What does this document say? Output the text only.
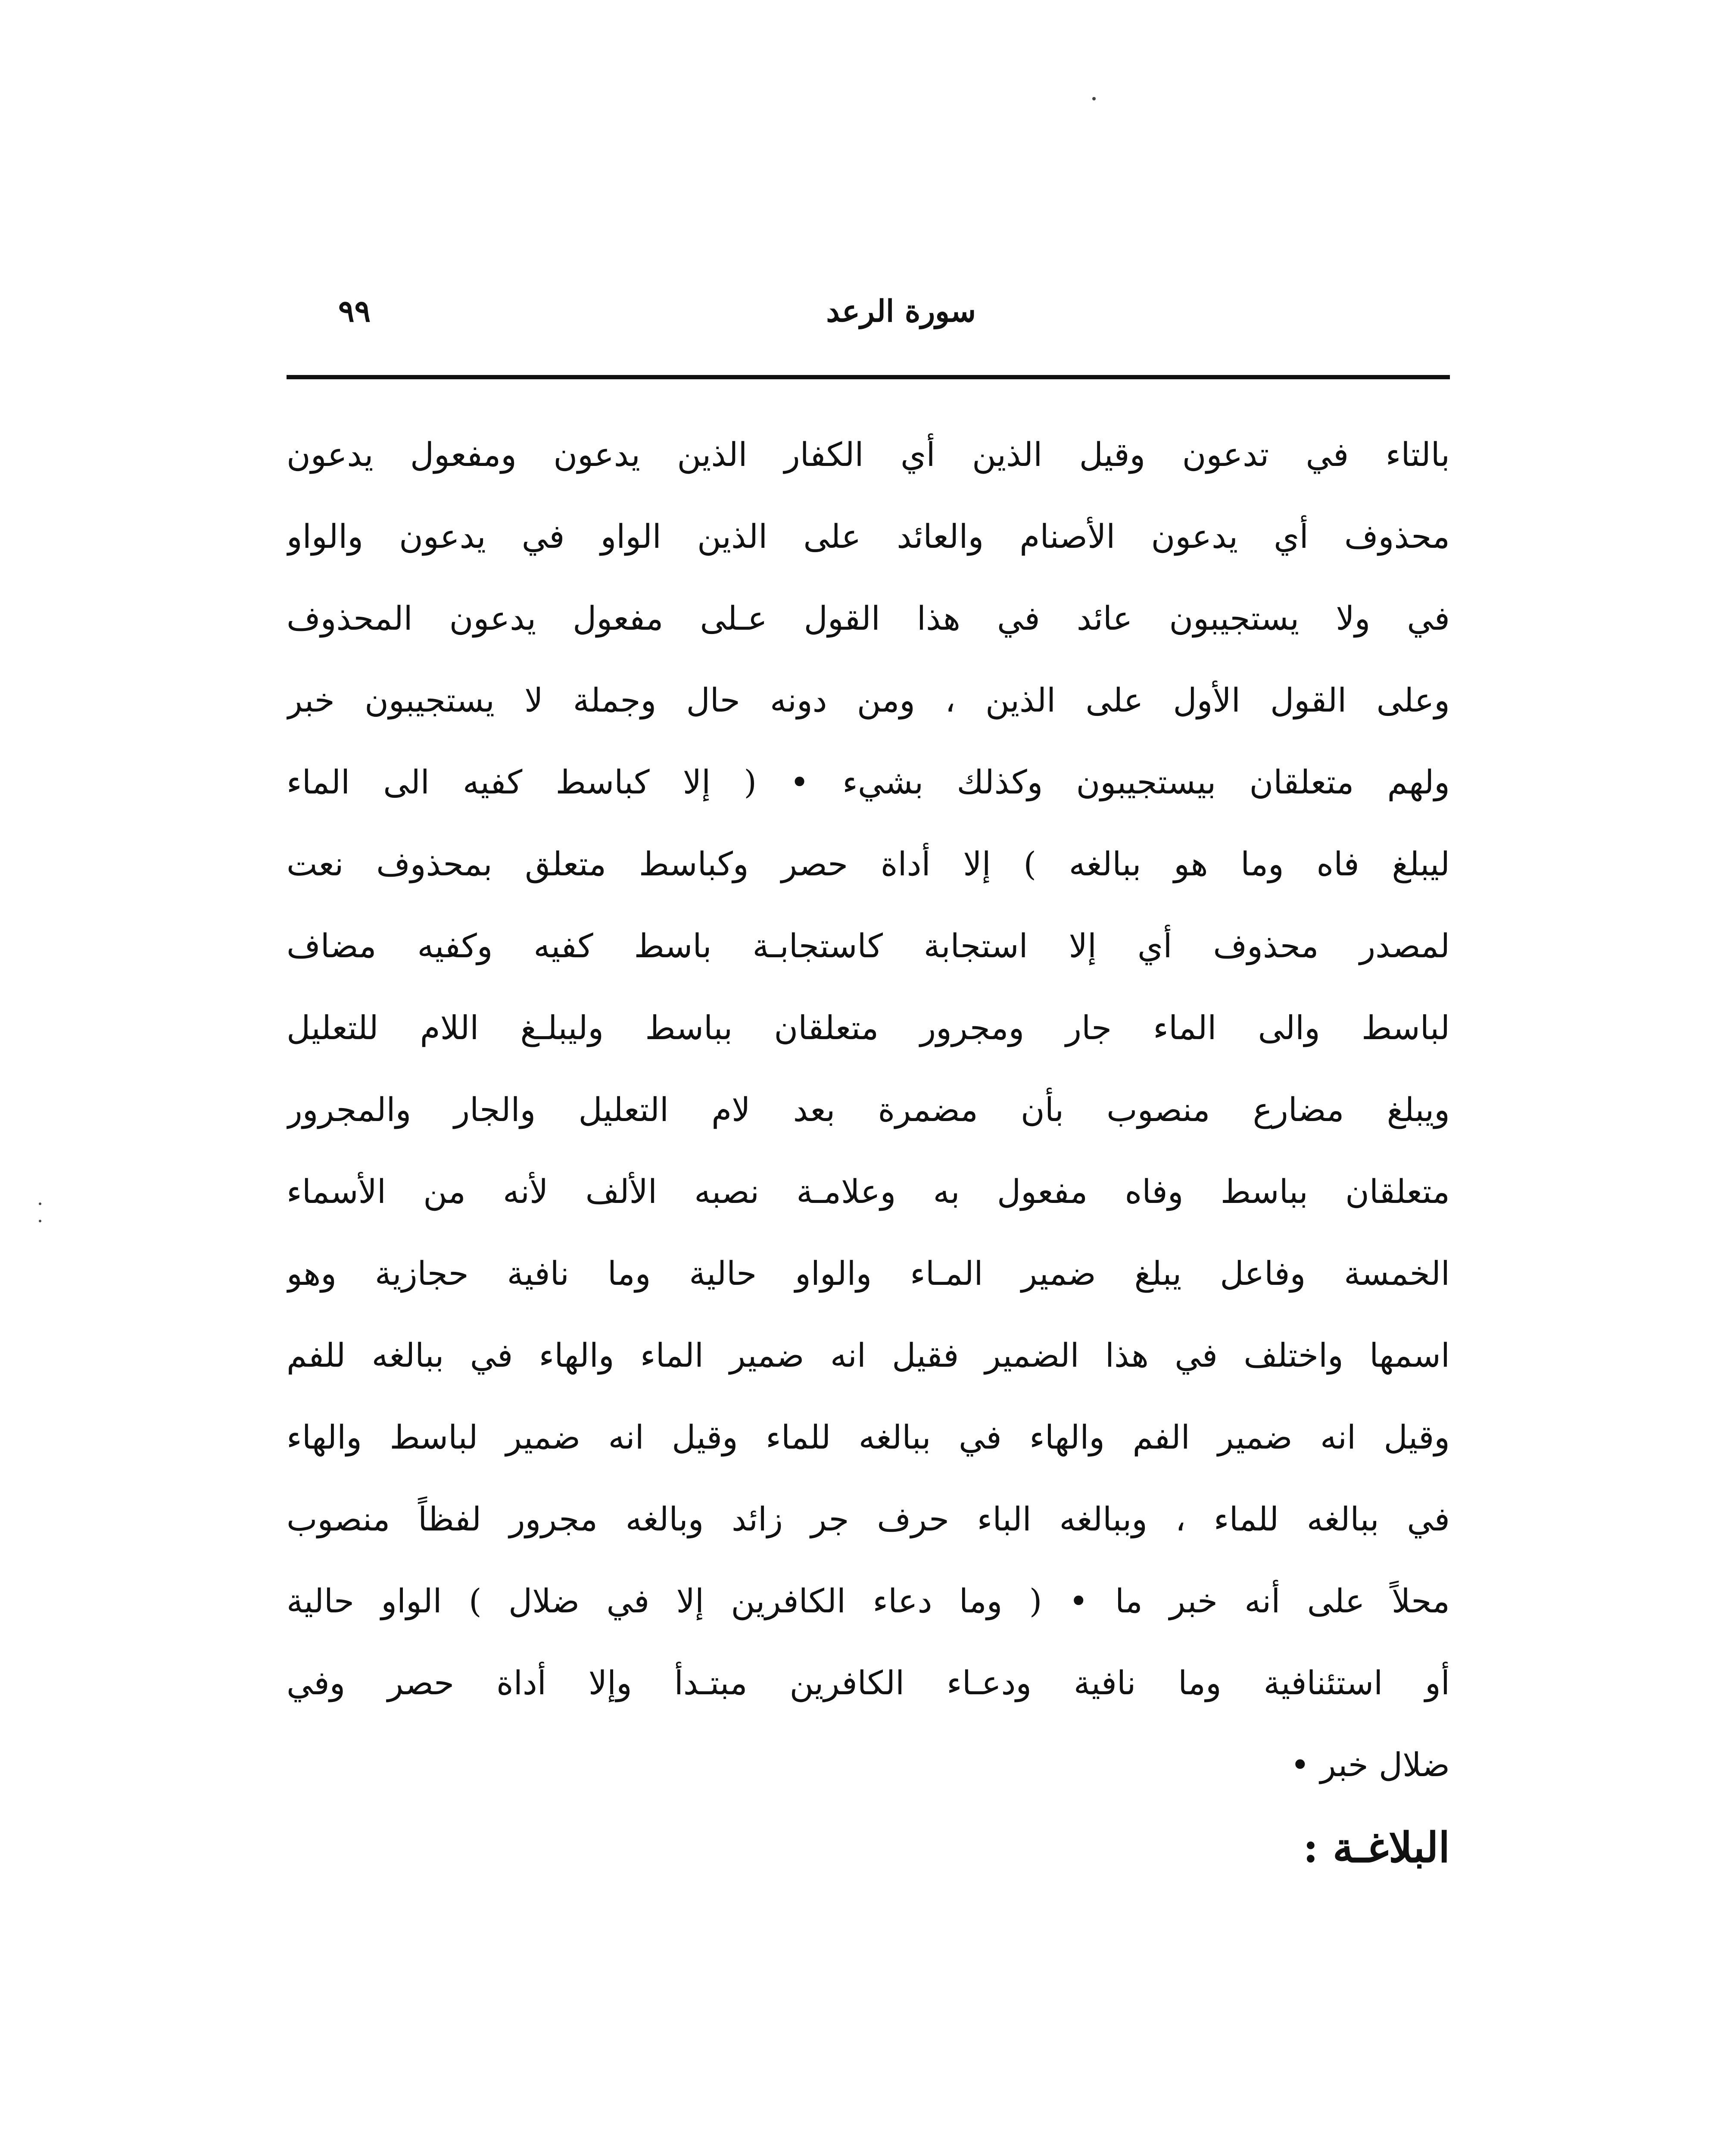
سورة الرعد
٩٩
بالتاء في تدعون وقيل الذين أي الكفار الذين يدعون ومفعول يدعون
محذوف أي يدعون الأصنام والعائد على الذين الواو في يدعون والواو
في ولا يستجيبون عائد في هذا القول عـلى مفعول يدعون المحذوف
وعلى القول الأول على الذين ، ومن دونه حال وجملة لا يستجيبون خبر
ولهم متعلقان بيستجيبون وكذلك بشيء • ( إلا كباسط كفيه الى الماء
ليبلغ فاه وما هو ببالغه ) إلا أداة حصر وكباسط متعلق بمحذوف نعت
لمصدر محذوف أي إلا استجابة كاستجابـة باسط كفيه وكفيه مضاف
لباسط والى الماء جار ومجرور متعلقان بباسط وليبلـغ اللام للتعليل
ويبلغ مضارع منصوب بأن مضمرة بعد لام التعليل والجار والمجرور
متعلقان بباسط وفاه مفعول به وعلامـة نصبه الألف لأنه من الأسماء
الخمسة وفاعل يبلغ ضمير المـاء والواو حالية وما نافية حجازية وهو
اسمها واختلف في هذا الضمير فقيل انه ضمير الماء والهاء في ببالغه للفم
وقيل انه ضمير الفم والهاء في ببالغه للماء وقيل انه ضمير لباسط والهاء
في ببالغه للماء ، وببالغه الباء حرف جر زائد وبالغه مجرور لفظاً منصوب
محلاً على أنه خبر ما • ( وما دعاء الكافرين إلا في ضلال ) الواو حالية
أو استئنافية وما نافية ودعـاء الكافرين مبتـدأ وإلا أداة حصر وفي
ضلال خبر •
البلاغـة :
